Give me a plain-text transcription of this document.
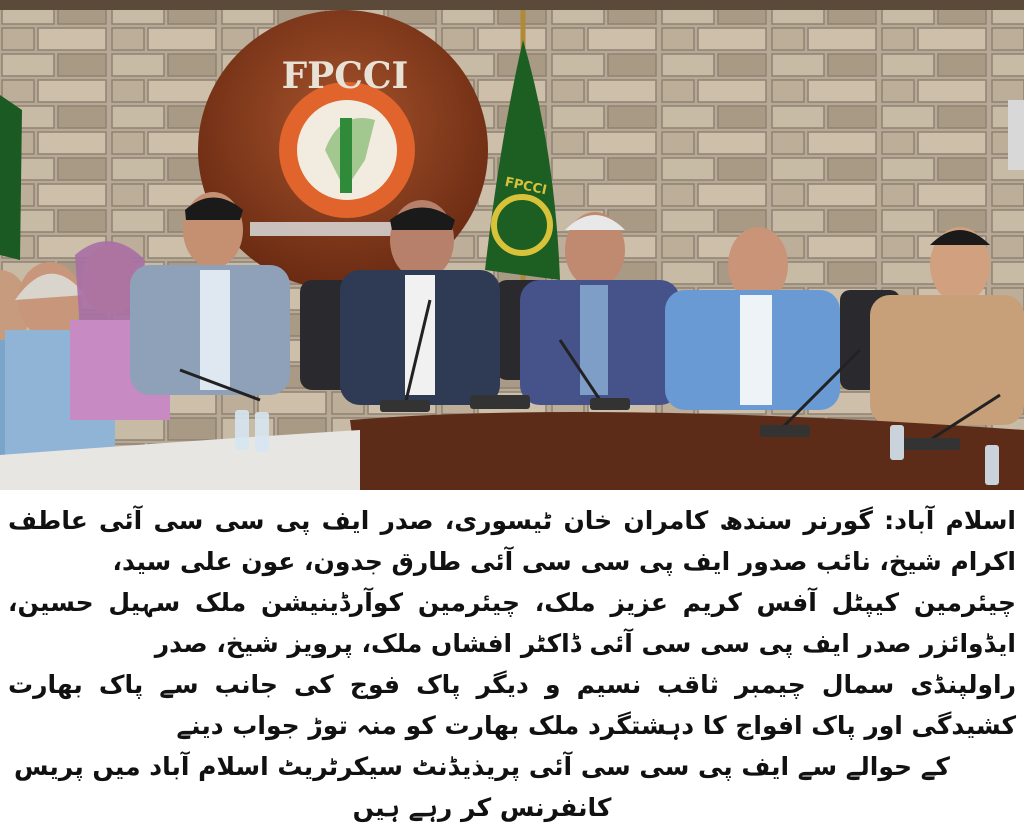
FPCCI
FPCCI
اسلام آباد: گورنر سندھ کامران خان ٹیسوری، صدر ایف پی سی سی آئی عاطف اکرام شیخ، نائب صدور ایف پی سی سی آئی طارق جدون، عون علی سید،
چیئرمین کیپٹل آفس کریم عزیز ملک، چیئرمین کوآرڈینیشن ملک سہیل حسین، ایڈوائزر صدر ایف پی سی سی آئی ڈاکٹر افشاں ملک، پرویز شیخ، صدر
راولپنڈی سمال چیمبر ثاقب نسیم و دیگر پاک فوج کی جانب سے پاک بھارت کشیدگی اور پاک افواج کا دہشتگرد ملک بھارت کو منہ توڑ جواب دینے
کے حوالے سے ایف پی سی سی آئی پریذیڈنٹ سیکرٹریٹ اسلام آباد میں پریس کانفرنس کر رہے ہیں
